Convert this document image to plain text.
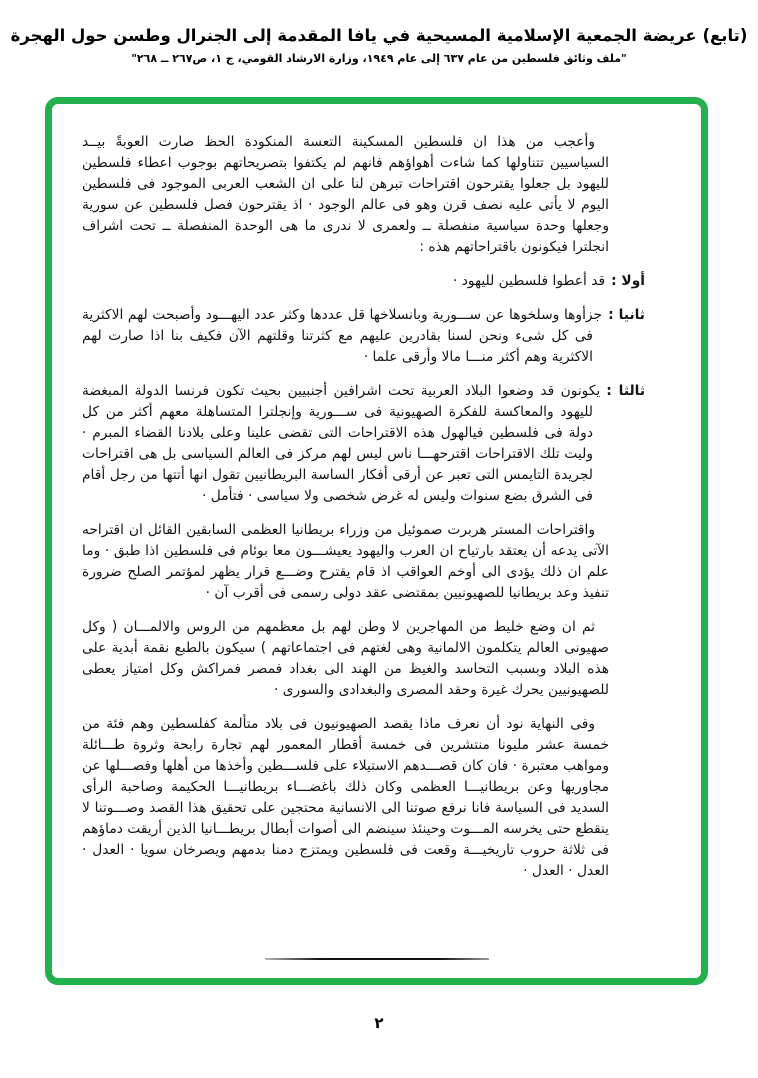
(تابع) عريضة الجمعية الإسلامية المسيحية في يافا المقدمة إلى الجنرال وطسن حول الهجرة
"ملف وثائق فلسطين من عام ٦٣٧ إلى عام ١٩٤٩، وزارة الارشاد القومي، ج ١، ص٢٦٧ ــ ٢٦٨"

وأعجب من هذا ان فلسطين المسكينة التعسة المنكودة الحظ صارت العوبةً بيــد السياسيين تتناولها كما شاءت أهواؤهم فانهم لم يكتفوا بتصريحاتهم بوجوب اعطاء فلسطين لليهود بل جعلوا يقترحون اقتراحات تبرهن لنا على ان الشعب العربى الموجود فى فلسطين اليوم لا يأتى عليه نصف قرن وهو فى عالم الوجود · اذ يقترحون فصل فلسطين عن سورية وجعلها وحدة سياسية منفصلة ــ ولعمرى لا ندرى ما هى الوحدة المنفصلة ــ تحت اشراف انجلترا فيكونون باقتراحاتهم هذه :

أولا :قد أعطوا فلسطين لليهود ·

ثانيا :جزأوها وسلخوها عن ســـورية وبانسلاخها قل عددها وكثر عدد اليهـــود وأصبحت لهم الاكثرية فى كل شىء ونحن لسنا بقادرين عليهم مع كثرتنا وقلتهم الآن فكيف بنا اذا صارت لهم الاكثرية وهم أكثر منـــا مالا وأرقى علما ·

ثالثا :يكونون قد وضعوا البلاد العربية تحت اشرافين أجنبيين بحيث تكون فرنسا الدولة المبغضة لليهود والمعاكسة للفكرة الصهيونية فى ســـورية وإنجلترا المتساهلة معهم أكثر من كل دولة فى فلسطين فيالهول هذه الاقتراحات التى تقضى علينا وعلى بلادنا القضاء المبرم · وليت تلك الاقتراحات اقترحهـــا ناس ليس لهم مركز فى العالم السياسى بل هى اقتراحات لجريدة التايمس التى تعبر عن أرقى أفكار الساسة البريطانيين تقول انها أتتها من رجل أقام فى الشرق بضع سنوات وليس له غرض شخصى ولا سياسى · فتأمل ·

واقتراحات المستر هربرت صموئيل من وزراء بريطانيا العظمى السابقين القائل ان اقتراحه الآتى يدعه أن يعتقد بارتياح ان العرب واليهود يعيشـــون معا بوئام فى فلسطين اذا طبق · وما علم ان ذلك يؤدى الى أوخم العواقب اذ قام يقترح وضـــع قرار يظهر لمؤتمر الصلح ضرورة تنفيذ وعد بريطانيا للصهيونيين بمقتضى عقد دولى رسمى فى أقرب آن ·

ثم ان وضع خليط من المهاجرين لا وطن لهم بل معظمهم من الروس والالمـــان ( وكل صهيونى العالم يتكلمون الالمانية وهى لغتهم فى اجتماعاتهم ) سيكون بالطبع نقمة أبدية على هذه البلاد وبسبب التحاسد والغيظ من الهند الى بغداد فمصر فمراكش وكل امتياز يعطى للصهيونيين يحرك غيرة وحقد المصرى والبغدادى والسورى ·

وفى النهاية نود أن نعرف ماذا يقصد الصهيونيون فى بلاد متألمة كفلسطين وهم فئة من خمسة عشر مليونا منتشرين فى خمسة أقطار المعمور لهم تجارة رابحة وثروة طـــائلة ومواهب معتبرة · فان كان قصـــدهم الاستيلاء على فلســـطين وأخذها من أهلها وفصـــلها عن مجاوريها وعن بريطانيـــا العظمى وكان ذلك باغضـــاء بريطانيـــا الحكيمة وصاحبة الرأى السديد فى السياسة فانا نرفع صوتنا الى الانسانية محتجين على تحقيق هذا القصد وصـــوتنا لا ينقطع حتى يخرسه المـــوت وحينئذ سينضم الى أصوات أبطال بريطـــانيا الذين أريقت دماؤهم فى ثلاثة حروب تاريخيـــة وقعت فى فلسطين ويمتزج دمنا بدمهم ويصرخان سويا · العدل · العدل · العدل ·

٢
